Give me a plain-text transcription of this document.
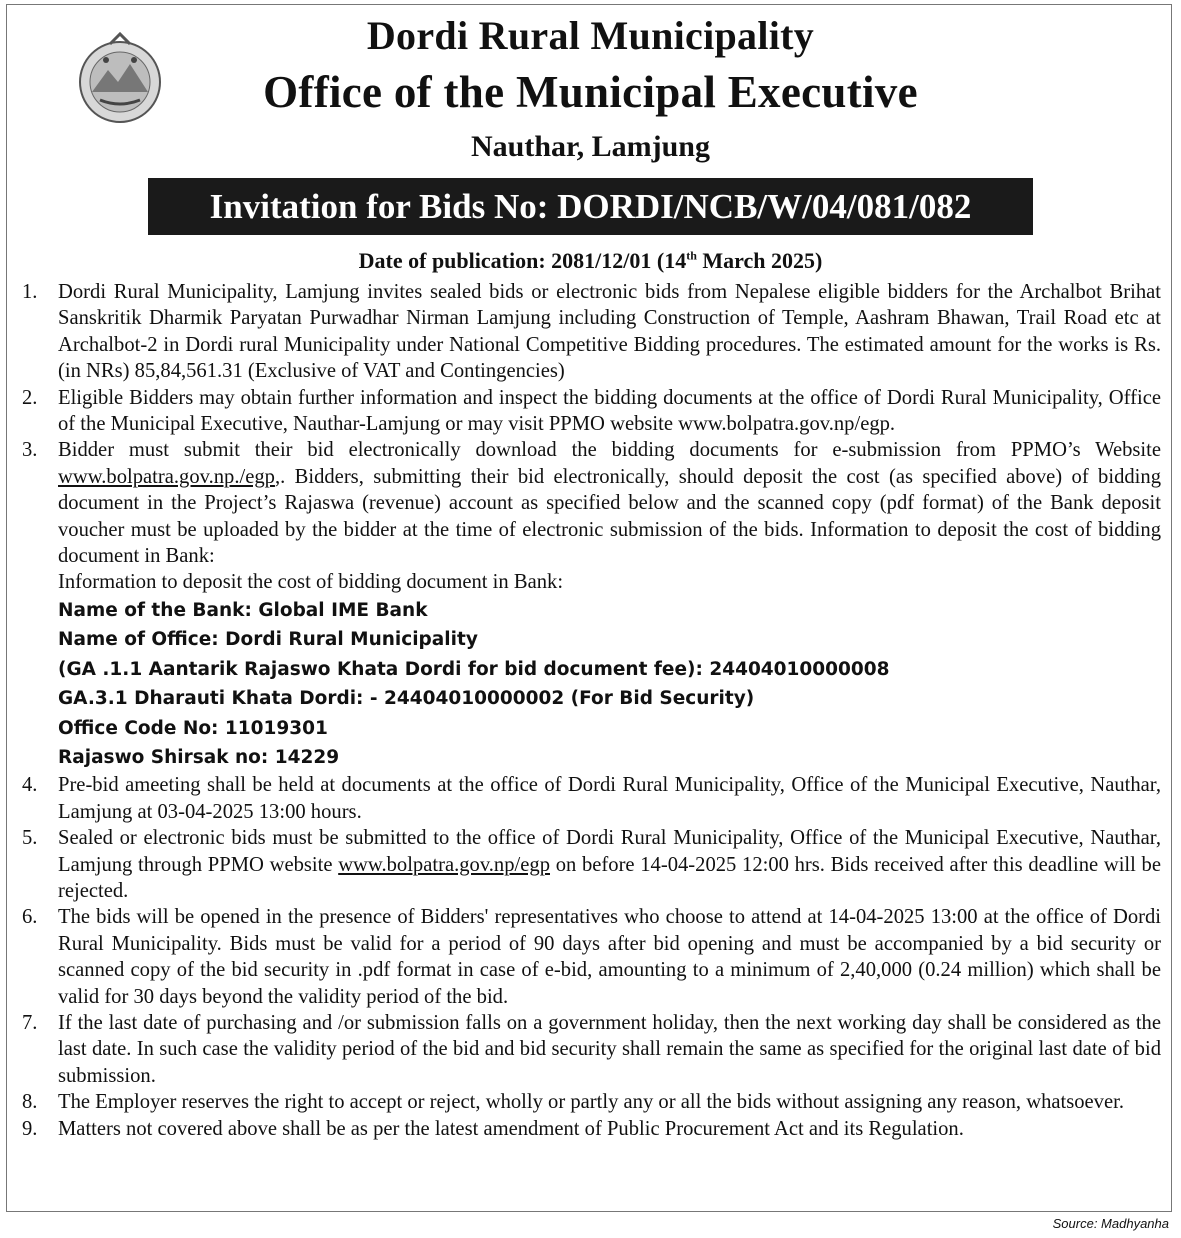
Dordi Rural Municipality
Office of the Municipal Executive
Nauthar, Lamjung
Invitation for Bids No: DORDI/NCB/W/04/081/082
Date of publication: 2081/12/01 (14th March 2025)
1. Dordi Rural Municipality, Lamjung invites sealed bids or electronic bids from Nepalese eligible bidders for the Archalbot Brihat Sanskritik Dharmik Paryatan Purwadhar Nirman Lamjung including Construction of Temple, Aashram Bhawan, Trail Road etc at Archalbot-2 in Dordi rural Municipality under National Competitive Bidding procedures. The estimated amount for the works is Rs. (in NRs) 85,84,561.31 (Exclusive of VAT and Contingencies)
2. Eligible Bidders may obtain further information and inspect the bidding documents at the office of Dordi Rural Municipality, Office of the Municipal Executive, Nauthar-Lamjung or may visit PPMO website www.bolpatra.gov.np/egp.
3. Bidder must submit their bid electronically download the bidding documents for e-submission from PPMO’s Website www.bolpatra.gov.np./egp,. Bidders, submitting their bid electronically, should deposit the cost (as specified above) of bidding document in the Project’s Rajaswa (revenue) account as specified below and the scanned copy (pdf format) of the Bank deposit voucher must be uploaded by the bidder at the time of electronic submission of the bids. Information to deposit the cost of bidding document in Bank:
Information to deposit the cost of bidding document in Bank:
Name of the Bank: Global IME Bank
Name of Office: Dordi Rural Municipality
(GA .1.1 Aantarik Rajaswo Khata Dordi for bid document fee): 24404010000008
GA.3.1 Dharauti Khata Dordi: - 24404010000002 (For Bid Security)
Office Code No: 11019301
Rajaswo Shirsak no: 14229
4. Pre-bid ameeting shall be held at documents at the office of Dordi Rural Municipality, Office of the Municipal Executive, Nauthar, Lamjung at 03-04-2025 13:00 hours.
5. Sealed or electronic bids must be submitted to the office of Dordi Rural Municipality, Office of the Municipal Executive, Nauthar, Lamjung through PPMO website www.bolpatra.gov.np/egp on before 14-04-2025 12:00 hrs. Bids received after this deadline will be rejected.
6. The bids will be opened in the presence of Bidders' representatives who choose to attend at 14-04-2025 13:00 at the office of Dordi Rural Municipality. Bids must be valid for a period of 90 days after bid opening and must be accompanied by a bid security or scanned copy of the bid security in .pdf format in case of e-bid, amounting to a minimum of 2,40,000 (0.24 million) which shall be valid for 30 days beyond the validity period of the bid.
7. If the last date of purchasing and /or submission falls on a government holiday, then the next working day shall be considered as the last date. In such case the validity period of the bid and bid security shall remain the same as specified for the original last date of bid submission.
8. The Employer reserves the right to accept or reject, wholly or partly any or all the bids without assigning any reason, whatsoever.
9. Matters not covered above shall be as per the latest amendment of Public Procurement Act and its Regulation.
Source: Madhyanha
